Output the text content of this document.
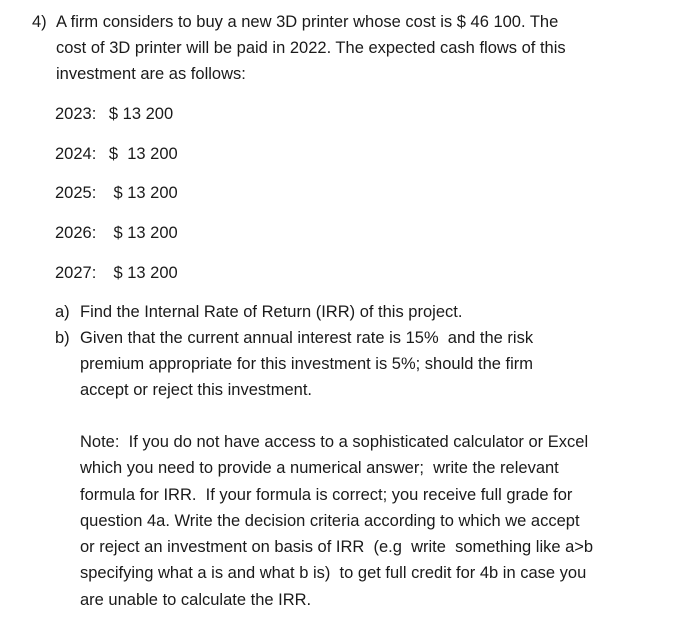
4) A firm considers to buy a new 3D printer whose cost is $ 46 100. The
cost of 3D printer will be paid in 2022. The expected cash flows of this
investment are as follows:
2023: $ 13 200
2024: $  13 200
2025:  $ 13 200
2026:  $ 13 200
2027:  $ 13 200
a) Find the Internal Rate of Return (IRR) of this project.
b) Given that the current annual interest rate is 15%  and the risk
premium appropriate for this investment is 5%; should the firm
accept or reject this investment.
Note:  If you do not have access to a sophisticated calculator or Excel
which you need to provide a numerical answer;  write the relevant
formula for IRR.  If your formula is correct; you receive full grade for
question 4a. Write the decision criteria according to which we accept
or reject an investment on basis of IRR  (e.g  write  something like a>b
specifying what a is and what b is)  to get full credit for 4b in case you
are unable to calculate the IRR.
